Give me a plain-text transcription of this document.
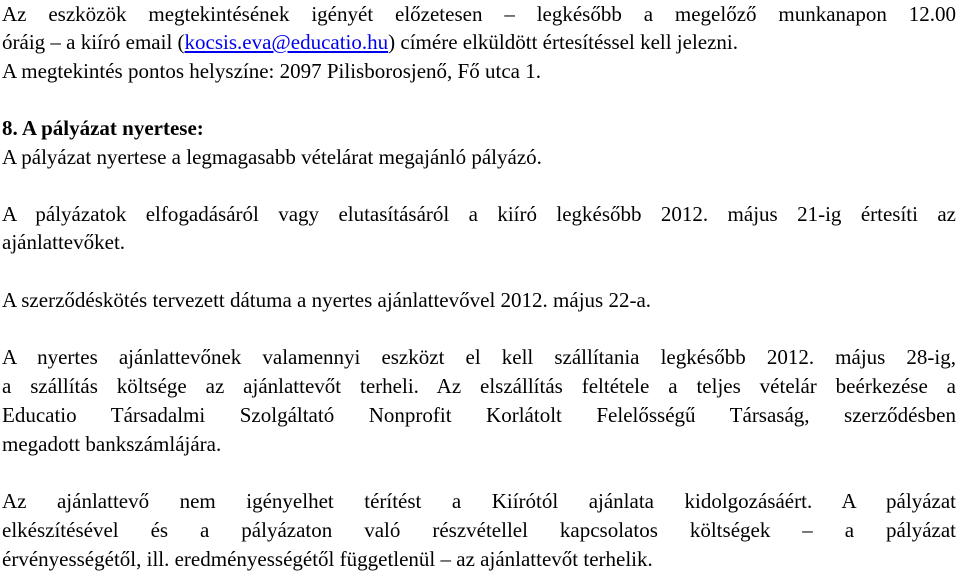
Az eszközök megtekintésének igényét előzetesen – legkésőbb a megelőző munkanapon 12.00
óráig – a kiíró email (kocsis.eva@educatio.hu) címére elküldött értesítéssel kell jelezni.
A megtekintés pontos helyszíne: 2097 Pilisborosjenő, Fő utca 1.
8. A pályázat nyertese:
A pályázat nyertese a legmagasabb vételárat megajánló pályázó.
A pályázatok elfogadásáról vagy elutasításáról a kiíró legkésőbb 2012. május 21-ig értesíti az
ajánlattevőket.
A szerződéskötés tervezett dátuma a nyertes ajánlattevővel 2012. május 22-a.
A nyertes ajánlattevőnek valamennyi eszközt el kell szállítania legkésőbb 2012. május 28-ig,
a szállítás költsége az ajánlattevőt terheli. Az elszállítás feltétele a teljes vételár beérkezése a
Educatio Társadalmi Szolgáltató Nonprofit Korlátolt Felelősségű Társaság, szerződésben
megadott bankszámlájára.
Az ajánlattevő nem igényelhet térítést a Kiírótól ajánlata kidolgozásáért. A pályázat
elkészítésével és a pályázaton való részvétellel kapcsolatos költségek – a pályázat
érvényességétől, ill. eredményességétől függetlenül – az ajánlattevőt terhelik.
